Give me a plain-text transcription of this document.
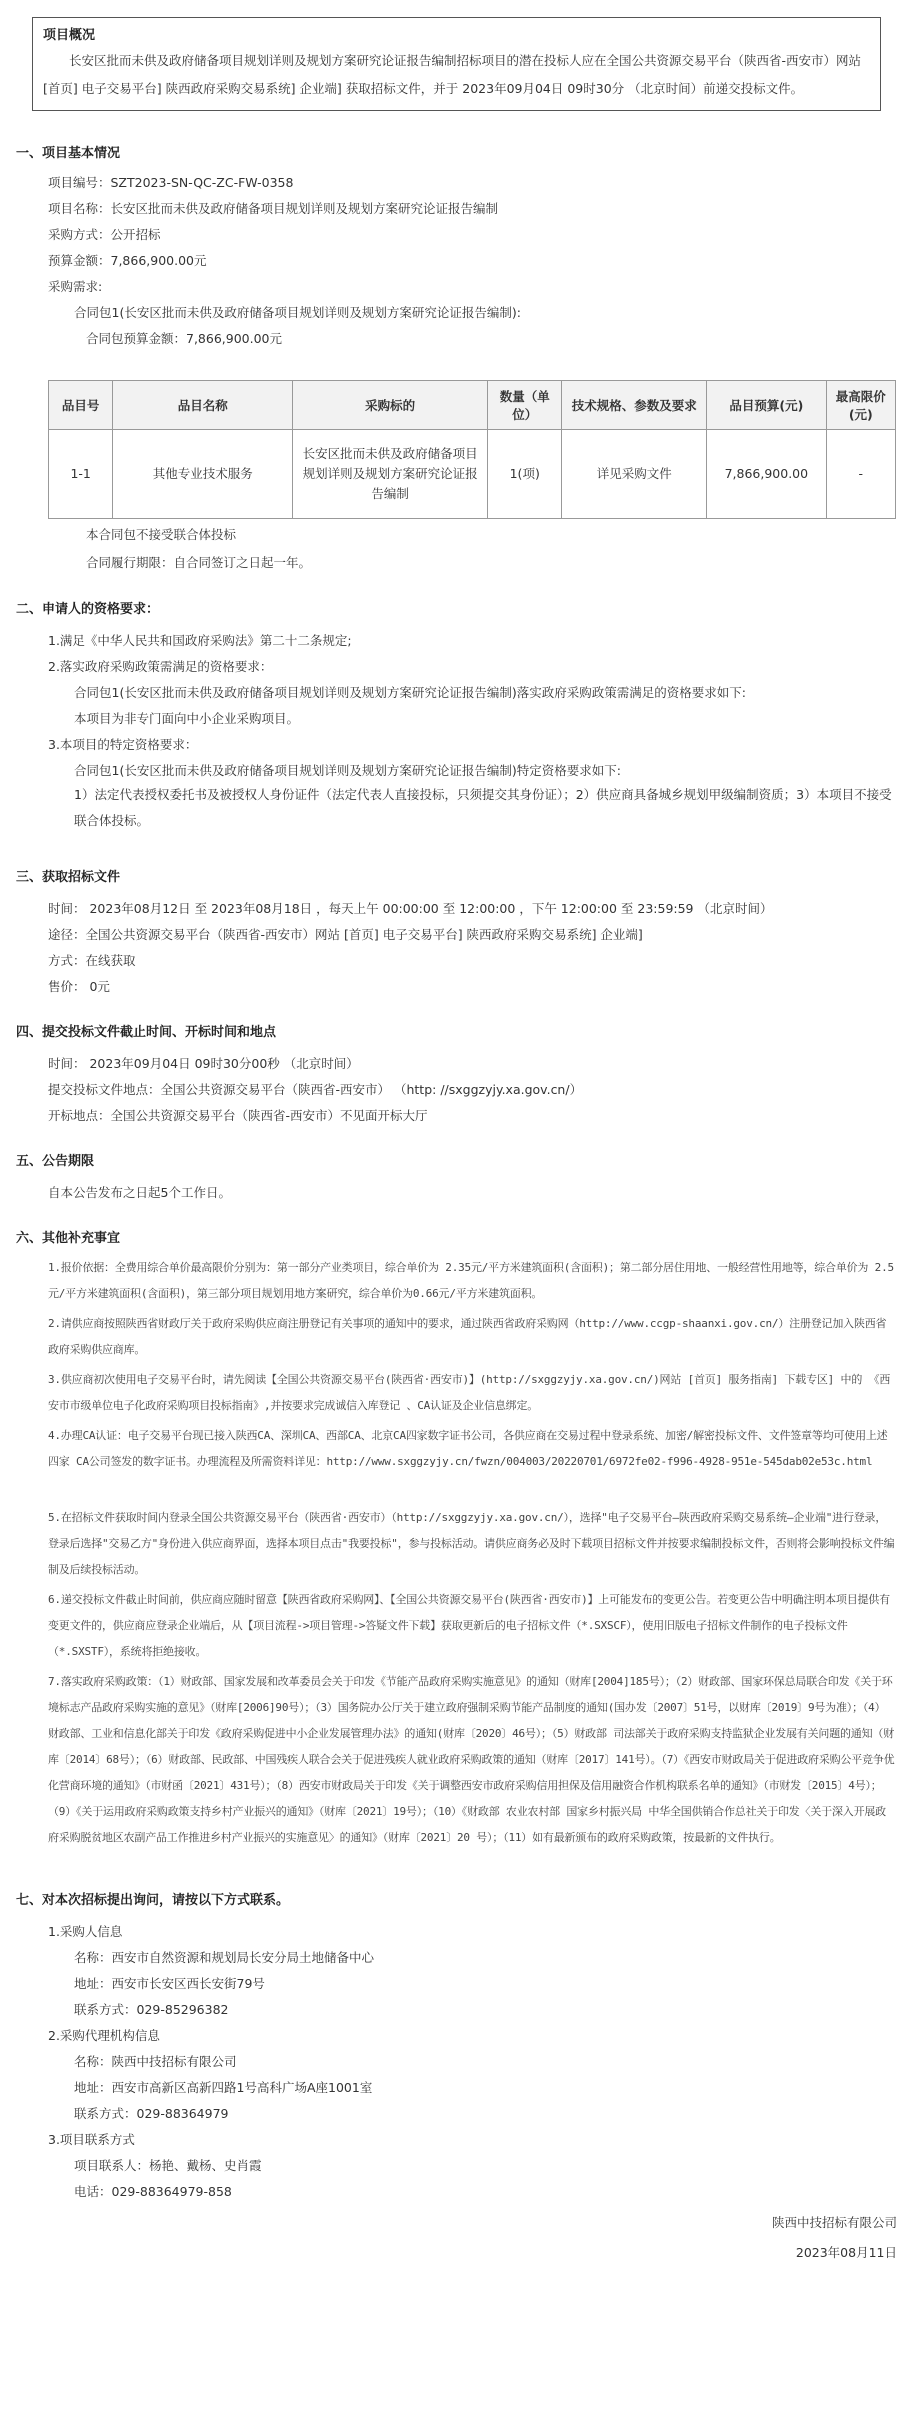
项目概况
长安区批而未供及政府储备项目规划详则及规划方案研究论证报告编制招标项目的潜在投标人应在全国公共资源交易平台（陕西省-西安市）网站 [首页] 电子交易平台] 陕西政府采购交易系统] 企业端] 获取招标文件，并于 2023年09月04日 09时30分 （北京时间）前递交投标文件。
一、项目基本情况
项目编号：SZT2023-SN-QC-ZC-FW-0358
项目名称：长安区批而未供及政府储备项目规划详则及规划方案研究论证报告编制
采购方式：公开招标
预算金额：7,866,900.00元
采购需求:
合同包1(长安区批而未供及政府储备项目规划详则及规划方案研究论证报告编制):
合同包预算金额：7,866,900.00元
品目号	品目名称	采购标的	数量（单位）	技术规格、参数及要求	品目预算(元)	最高限价(元)
1-1	其他专业技术服务	长安区批而未供及政府储备项目规划详则及规划方案研究论证报告编制	1(项)	详见采购文件	7,866,900.00	-
本合同包不接受联合体投标
合同履行期限：自合同签订之日起一年。
二、申请人的资格要求：
1.满足《中华人民共和国政府采购法》第二十二条规定;
2.落实政府采购政策需满足的资格要求：
合同包1(长安区批而未供及政府储备项目规划详则及规划方案研究论证报告编制)落实政府采购政策需满足的资格要求如下:
本项目为非专门面向中小企业采购项目。
3.本项目的特定资格要求：
合同包1(长安区批而未供及政府储备项目规划详则及规划方案研究论证报告编制)特定资格要求如下:
1）法定代表授权委托书及被授权人身份证件（法定代表人直接投标，只须提交其身份证）；2）供应商具备城乡规划甲级编制资质；3）本项目不接受联合体投标。
三、获取招标文件
时间： 2023年08月12日 至 2023年08月18日 ，每天上午 00:00:00 至 12:00:00 ，下午 12:00:00 至 23:59:59 （北京时间）
途径：全国公共资源交易平台（陕西省-西安市）网站 [首页] 电子交易平台] 陕西政府采购交易系统] 企业端]
方式：在线获取
售价： 0元
四、提交投标文件截止时间、开标时间和地点
时间： 2023年09月04日 09时30分00秒 （北京时间）
提交投标文件地点：全国公共资源交易平台（陕西省-西安市） （http: //sxggzyjy.xa.gov.cn/）
开标地点：全国公共资源交易平台（陕西省-西安市）不见面开标大厅
五、公告期限
自本公告发布之日起5个工作日。
六、其他补充事宜
1.报价依据：全费用综合单价最高限价分别为：第一部分产业类项目，综合单价为 2.35元/平方米建筑面积(含面积)；第二部分居住用地、一般经营性用地等，综合单价为 2.5元/平方米建筑面积(含面积)，第三部分项目规划用地方案研究，综合单价为0.66元/平方米建筑面积。
2.请供应商按照陕西省财政厅关于政府采购供应商注册登记有关事项的通知中的要求，通过陕西省政府采购网（http://www.ccgp-shaanxi.gov.cn/）注册登记加入陕西省政府采购供应商库。
3.供应商初次使用电子交易平台时，请先阅读【全国公共资源交易平台(陕西省·西安市)】(http://sxggzyjy.xa.gov.cn/)网站 [首页] 服务指南] 下载专区] 中的 《西安市市级单位电子化政府采购项目投标指南》,并按要求完成诚信入库登记 、CA认证及企业信息绑定。
4.办理CA认证：电子交易平台现已接入陕西CA、深圳CA、西部CA、北京CA四家数字证书公司，各供应商在交易过程中登录系统、加密/解密投标文件、文件签章等均可使用上述四家 CA公司签发的数字证书。办理流程及所需资料详见：http://www.sxggzyjy.cn/fwzn/004003/20220701/6972fe02-f996-4928-951e-545dab02e53c.html
5.在招标文件获取时间内登录全国公共资源交易平台（陕西省·西安市）（http://sxggzyjy.xa.gov.cn/），选择"电子交易平台—陕西政府采购交易系统—企业端"进行登录，登录后选择"交易乙方"身份进入供应商界面，选择本项目点击"我要投标"，参与投标活动。请供应商务必及时下载项目招标文件并按要求编制投标文件，否则将会影响投标文件编制及后续投标活动。
6.递交投标文件截止时间前，供应商应随时留意【陕西省政府采购网】、【全国公共资源交易平台(陕西省·西安市)】上可能发布的变更公告。若变更公告中明确注明本项目提供有变更文件的，供应商应登录企业端后，从【项目流程->项目管理->答疑文件下载】获取更新后的电子招标文件（*.SXSCF），使用旧版电子招标文件制作的电子投标文件（*.SXSTF），系统将拒绝接收。
7.落实政府采购政策：（1）财政部、国家发展和改革委员会关于印发《节能产品政府采购实施意见》的通知（财库[2004]185号）；（2）财政部、国家环保总局联合印发《关于环境标志产品政府采购实施的意见》（财库[2006]90号）；（3）国务院办公厅关于建立政府强制采购节能产品制度的通知(国办发〔2007〕51号，以财库〔2019〕9号为准）；（4）财政部、工业和信息化部关于印发《政府采购促进中小企业发展管理办法》的通知(财库〔2020〕46号）；（5）财政部 司法部关于政府采购支持监狱企业发展有关问题的通知（财库〔2014〕68号）；（6）财政部、民政部、中国残疾人联合会关于促进残疾人就业政府采购政策的通知（财库〔2017〕141号）。（7）《西安市财政局关于促进政府采购公平竞争优化营商环境的通知》（市财函〔2021〕431号）；（8）西安市财政局关于印发《关于调整西安市政府采购信用担保及信用融资合作机构联系名单的通知》（市财发〔2015〕4号）；（9）《关于运用政府采购政策支持乡村产业振兴的通知》（财库〔2021〕19号）；（10）《财政部 农业农村部 国家乡村振兴局 中华全国供销合作总社关于印发〈关于深入开展政府采购脱贫地区农副产品工作推进乡村产业振兴的实施意见〉的通知》（财库〔2021〕20 号）；（11）如有最新颁布的政府采购政策，按最新的文件执行。
七、对本次招标提出询问，请按以下方式联系。
1.采购人信息
名称：西安市自然资源和规划局长安分局土地储备中心
地址：西安市长安区西长安街79号
联系方式：029-85296382
2.采购代理机构信息
名称：陕西中技招标有限公司
地址：西安市高新区高新四路1号高科广场A座1001室
联系方式：029-88364979
3.项目联系方式
项目联系人：杨艳、戴杨、史肖霞
电话：029-88364979-858
陕西中技招标有限公司
2023年08月11日
